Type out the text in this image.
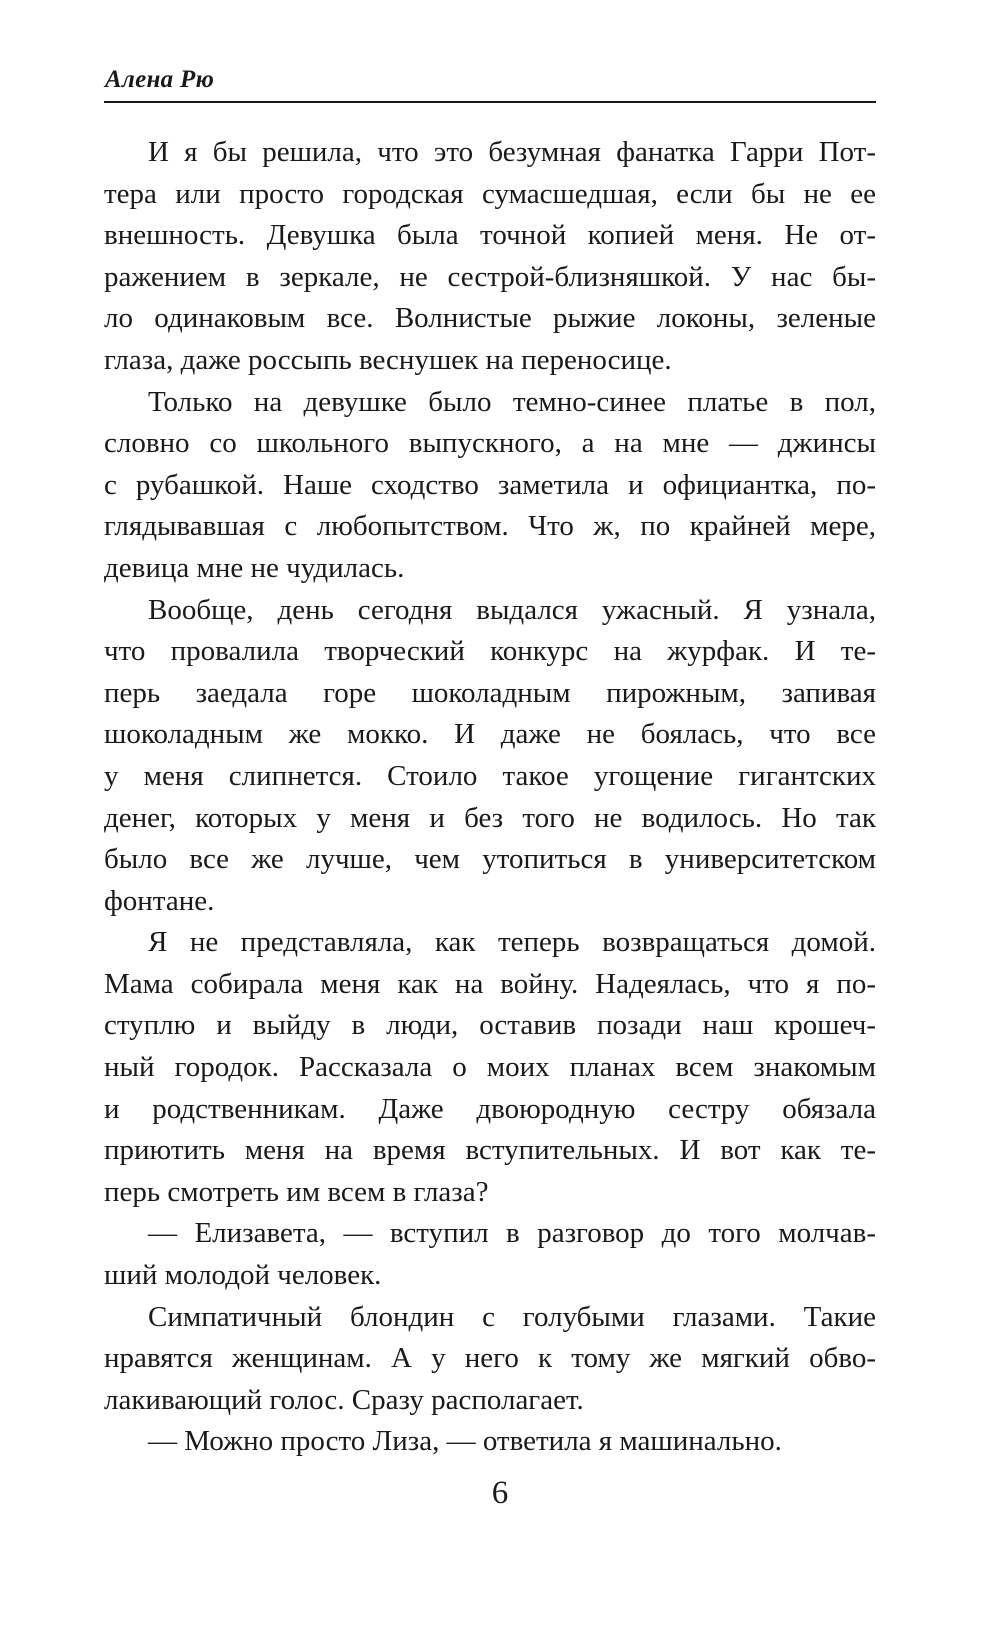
Алена Рю
И я бы решила, что это безумная фанатка Гарри Пот-
тера или просто городская сумасшедшая, если бы не ее
внешность. Девушка была точной копией меня. Не от-
ражением в зеркале, не сестрой-близняшкой. У нас бы-
ло одинаковым все. Волнистые рыжие локоны, зеленые
глаза, даже россыпь веснушек на переносице.
Только на девушке было темно-синее платье в пол,
словно со школьного выпускного, а на мне — джинсы
с рубашкой. Наше сходство заметила и официантка, по-
глядывавшая с любопытством. Что ж, по крайней мере,
девица мне не чудилась.
Вообще, день сегодня выдался ужасный. Я узнала,
что провалила творческий конкурс на журфак. И те-
перь заедала горе шоколадным пирожным, запивая
шоколадным же мокко. И даже не боялась, что все
у меня слипнется. Стоило такое угощение гигантских
денег, которых у меня и без того не водилось. Но так
было все же лучше, чем утопиться в университетском
фонтане.
Я не представляла, как теперь возвращаться домой.
Мама собирала меня как на войну. Надеялась, что я по-
ступлю и выйду в люди, оставив позади наш крошеч-
ный городок. Рассказала о моих планах всем знакомым
и родственникам. Даже двоюродную сестру обязала
приютить меня на время вступительных. И вот как те-
перь смотреть им всем в глаза?
— Елизавета, — вступил в разговор до того молчав-
ший молодой человек.
Симпатичный блондин с голубыми глазами. Такие
нравятся женщинам. А у него к тому же мягкий обво-
лакивающий голос. Сразу располагает.
— Можно просто Лиза, — ответила я машинально.
6
